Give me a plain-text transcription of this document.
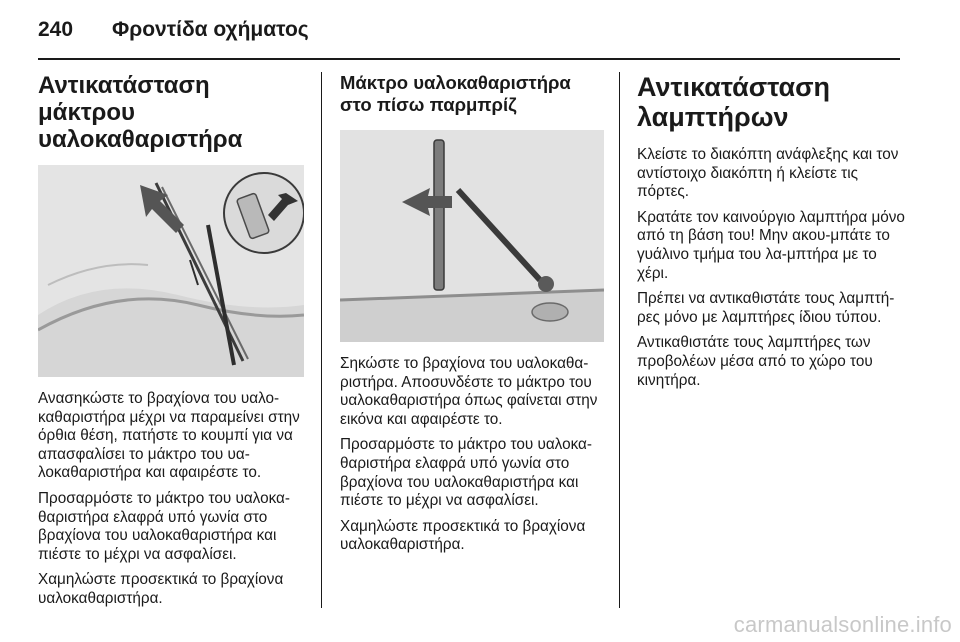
240 Φροντίδα οχήματος
Αντικατάσταση μάκτρου υαλοκαθαριστήρα

Ανασηκώστε το βραχίονα του υαλο-καθαριστήρα μέχρι να παραμείνει στην όρθια θέση, πατήστε το κουμπί για να απασφαλίσει το μάκτρο του υα-λοκαθαριστήρα και αφαιρέστε το.

Προσαρμόστε το μάκτρο του υαλοκα-θαριστήρα ελαφρά υπό γωνία στο βραχίονα του υαλοκαθαριστήρα και πιέστε το μέχρι να ασφαλίσει.

Χαμηλώστε προσεκτικά το βραχίονα υαλοκαθαριστήρα.

Μάκτρο υαλοκαθαριστήρα στο πίσω παρμπρίζ

Σηκώστε το βραχίονα του υαλοκαθα-ριστήρα. Αποσυνδέστε το μάκτρο του υαλοκαθαριστήρα όπως φαίνεται στην εικόνα και αφαιρέστε το.

Προσαρμόστε το μάκτρο του υαλοκα-θαριστήρα ελαφρά υπό γωνία στο βραχίονα του υαλοκαθαριστήρα και πιέστε το μέχρι να ασφαλίσει.

Χαμηλώστε προσεκτικά το βραχίονα υαλοκαθαριστήρα.

Αντικατάσταση λαμπτήρων

Κλείστε το διακόπτη ανάφλεξης και τον αντίστοιχο διακόπτη ή κλείστε τις πόρτες.

Κρατάτε τον καινούργιο λαμπτήρα μόνο από τη βάση του! Μην ακου-μπάτε το γυάλινο τμήμα του λα-μπτήρα με το χέρι.

Πρέπει να αντικαθιστάτε τους λαμπτή-ρες μόνο με λαμπτήρες ίδιου τύπου.

Αντικαθιστάτε τους λαμπτήρες των προβολέων μέσα από το χώρο του κινητήρα.

carmanualsonline.info
